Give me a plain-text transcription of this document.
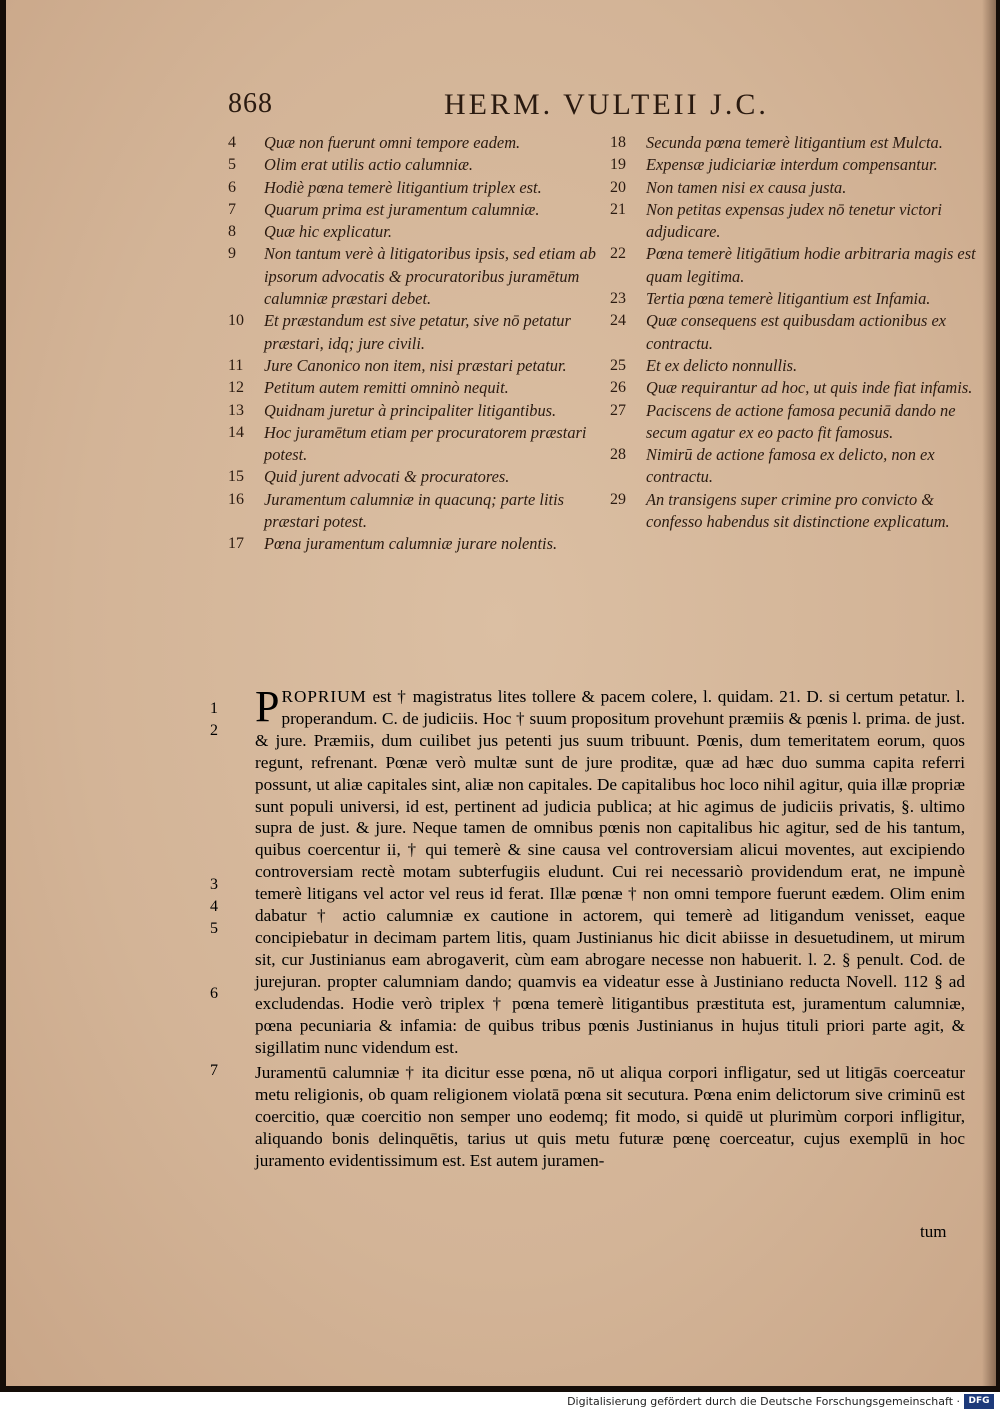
868	HERM. VULTEII J.C.
4 Quæ non fuerunt omni tempore eadem.
5 Olim erat utilis actio calumniæ.
6 Hodiè pœna temerè litigantium triplex est.
7 Quarum prima est juramentum calumniæ.
8 Quæ hic explicatur.
9 Non tantum verè à litigatoribus ipsis, sed etiam ab ipsorum advocatis & procuratoribus juramētum calumniæ præstari debet.
10 Et præstandum est sive petatur, sive nō petatur præstari, idq; jure civili.
11 Jure Canonico non item, nisi præstari petatur.
12 Petitum autem remitti omninò nequit.
13 Quidnam juretur à principaliter litigantibus.
14 Hoc juramētum etiam per procuratorem præstari potest.
15 Quid jurent advocati & procuratores.
16 Juramentum calumniæ in quacunq; parte litis præstari potest.
17 Pœna juramentum calumniæ jurare nolentis.
18 Secunda pœna temerè litigantium est Mulcta.
19 Expensæ judiciariæ interdum compensantur.
20 Non tamen nisi ex causa justa.
21 Non petitas expensas judex nō tenetur victori adjudicare.
22 Pœna temerè litigātium hodie arbitraria magis est quam legitima.
23 Tertia pœna temerè litigantium est Infamia.
24 Quæ consequens est quibusdam actionibus ex contractu.
25 Et ex delicto nonnullis.
26 Quæ requirantur ad hoc, ut quis inde fiat infamis.
27 Paciscens de actione famosa pecuniā dando ne secum agatur ex eo pacto fit famosus.
28 Nimirū de actione famosa ex delicto, non ex contractu.
29 An transigens super crimine pro convicto & confesso habendus sit distinctione explicatum.
1
2
3
4
5
6
7

PROPRIUM est † magistratus lites tollere & pacem colere, l. quidam. 21. D. si certum petatur. l. properandum. C. de judiciis. Hoc † suum propositum provehunt præmiis & pœnis l. prima. de just. & jure. Præmiis, dum cuilibet jus petenti jus suum tribuunt. Pœnis, dum temeritatem eorum, quos regunt, refrenant. Pœnæ verò multæ sunt de jure proditæ, quæ ad hæc duo summa capita referri possunt, ut aliæ capitales sint, aliæ non capitales. De capitalibus hoc loco nihil agitur, quia illæ propriæ sunt populi universi, id est, pertinent ad judicia publica; at hic agimus de judiciis privatis, §. ultimo supra de just. & jure. Neque tamen de omnibus pœnis non capitalibus hic agitur, sed de his tantum, quibus coercentur ii, † qui temerè & sine causa vel controversiam alicui moventes, aut excipiendo controversiam rectè motam subterfugiis eludunt. Cui rei necessariò providendum erat, ne impunè temerè litigans vel actor vel reus id ferat. Illæ pœnæ † non omni tempore fuerunt eædem. Olim enim dabatur † actio calumniæ ex cautione in actorem, qui temerè ad litigandum venisset, eaque concipiebatur in decimam partem litis, quam Justinianus hic dicit abiisse in desuetudinem, ut mirum sit, cur Justinianus eam abrogaverit, cùm eam abrogare necesse non habuerit. l. 2. § penult. Cod. de jurejuran. propter calumniam dando; quamvis ea videatur esse à Justiniano reducta Novell. 112 § ad excludendas. Hodie verò triplex † pœna temerè litigantibus præstituta est, juramentum calumniæ, pœna pecuniaria & infamia: de quibus tribus pœnis Justinianus in hujus tituli priori parte agit, & sigillatim nunc videndum est.

Juramentū calumniæ † ita dicitur esse pœna, nō ut aliqua corpori infligatur, sed ut litigās coerceatur metu religionis, ob quam religionem violatā pœna sit secutura. Pœna enim delictorum sive criminū est coercitio, quæ coercitio non semper uno eodemq; fit modo, si quidē ut plurimùm corpori infligitur, aliquando bonis delinquētis, tarius ut quis metu futuræ pœnę coerceatur, cujus exemplū in hoc juramento evidentissimum est. Est autem juramen-

tum
Digitalisierung gefördert durch die Deutsche Forschungsgemeinschaft · DFG
